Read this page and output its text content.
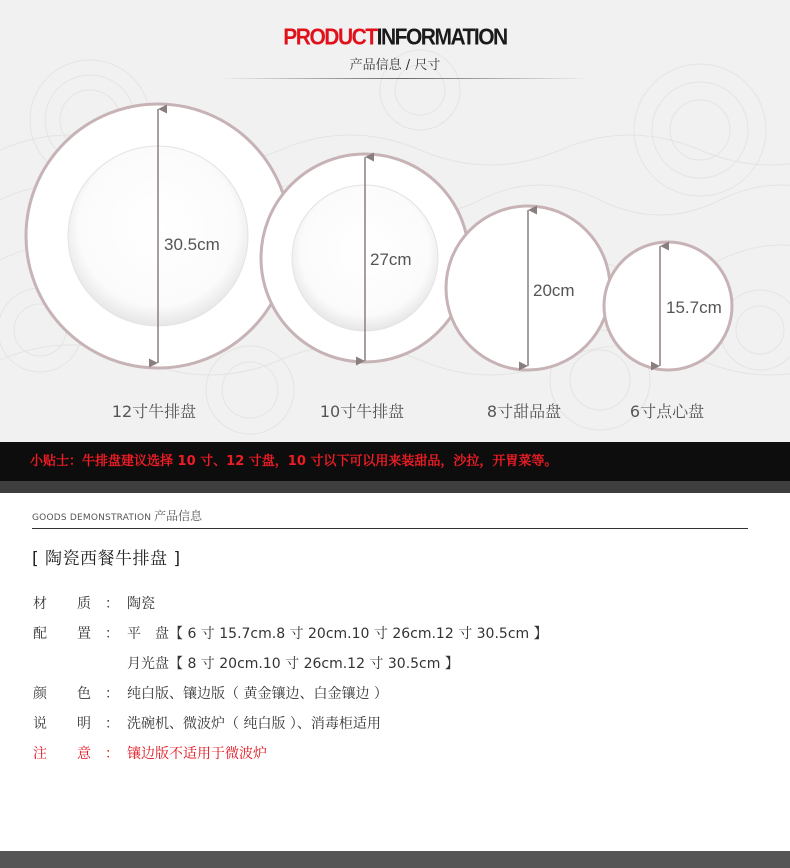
PRODUCTINFORMATION
产品信息 / 尺寸
30.5cm
27cm
20cm
15.7cm
12寸牛排盘	10寸牛排盘	8寸甜品盘	6寸点心盘
小贴士：牛排盘建议选择 10 寸、12 寸盘，10 寸以下可以用来装甜品，沙拉，开胃菜等。
GOODS DEMONSTRATION 产品信息
[ 陶瓷西餐牛排盘 ]
材 质 ： 陶瓷
配 置 ： 平　盘【 6 寸 15.7cm.8 寸 20cm.10 寸 26cm.12 寸 30.5cm 】
月光盘【 8 寸 20cm.10 寸 26cm.12 寸 30.5cm 】
颜 色 ： 纯白版、镶边版（ 黄金镶边、白金镶边 ）
说 明 ： 洗碗机、微波炉（ 纯白版 ）、消毒柜适用
注 意 ： 镶边版不适用于微波炉
